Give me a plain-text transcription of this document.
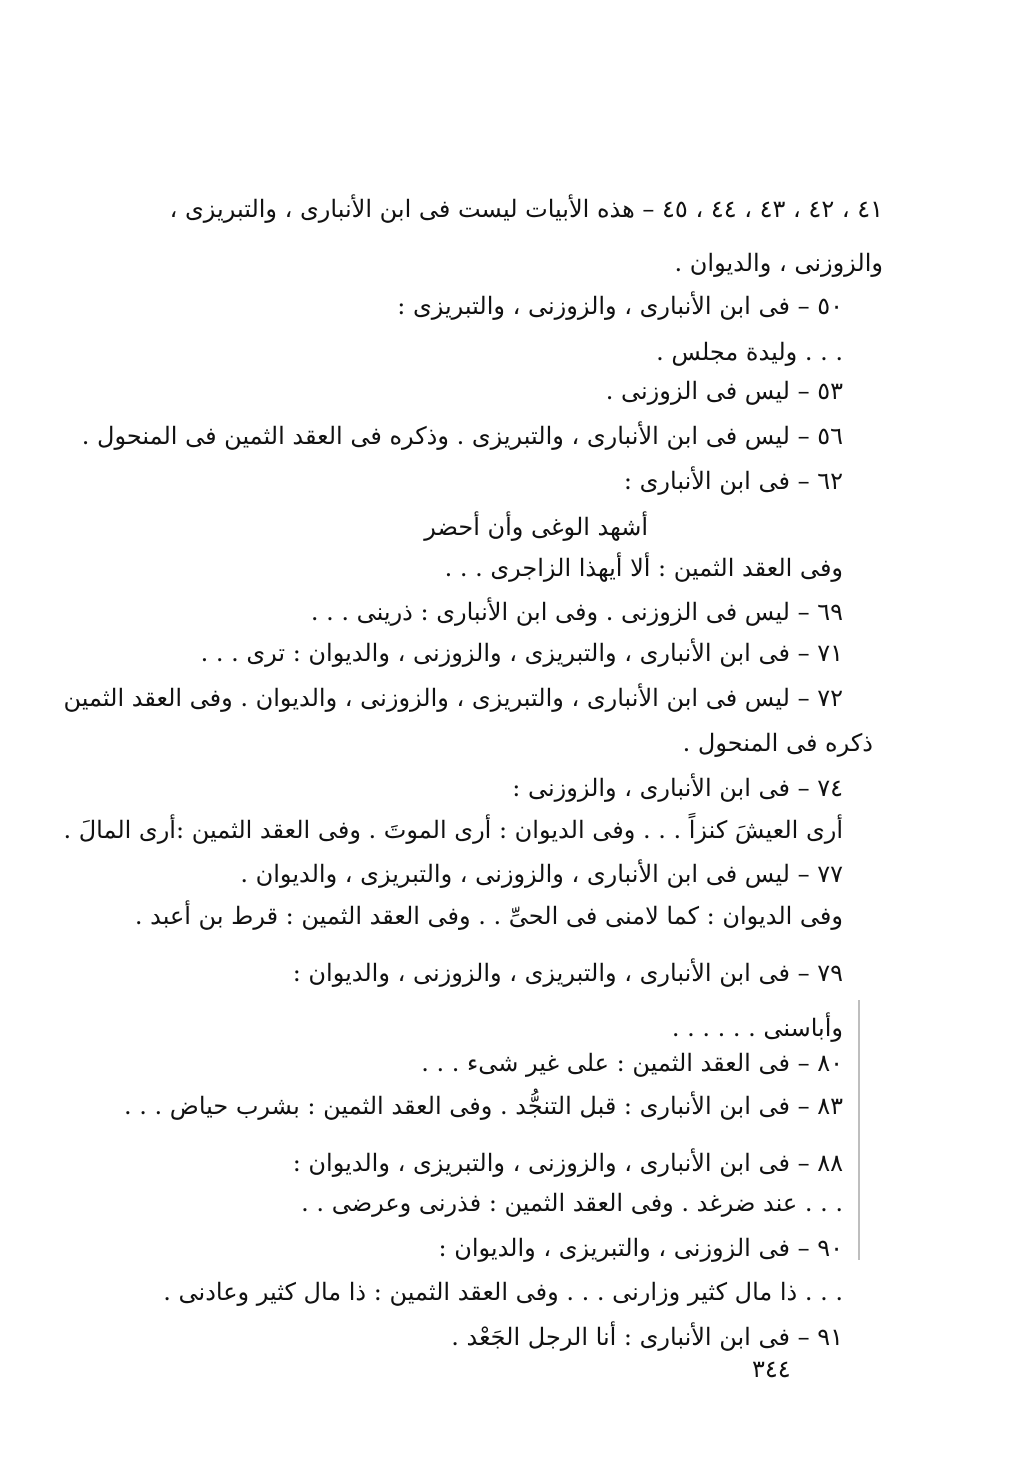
٤١ ، ٤٢ ، ٤٣ ، ٤٤ ، ٤٥ – هذه الأبيات ليست فى ابن الأنبارى ، والتبريزى ،
والزوزنى ، والديوان .
٥٠ – فى ابن الأنبارى ، والزوزنى ، والتبريزى :
. . . وليدة مجلس .
٥٣ – ليس فى الزوزنى .
٥٦ – ليس فى ابن الأنبارى ، والتبريزى . وذكره فى العقد الثمين فى المنحول .
٦٢ – فى ابن الأنبارى :
أشهد الوغى وأن أحضر
وفى العقد الثمين : ألا أيهذا الزاجرى . . .
٦٩ – ليس فى الزوزنى . وفى ابن الأنبارى : ذرينى . . .
٧١ – فى ابن الأنبارى ، والتبريزى ، والزوزنى ، والديوان : ترى . . .
٧٢ – ليس فى ابن الأنبارى ، والتبريزى ، والزوزنى ، والديوان . وفى العقد الثمين
ذكره فى المنحول .
٧٤ – فى ابن الأنبارى ، والزوزنى :
أرى العيشَ كنزاً . . . وفى الديوان : أرى الموتَ . وفى العقد الثمين :أرى المالَ .
٧٧ – ليس فى ابن الأنبارى ، والزوزنى ، والتبريزى ، والديوان .
وفى الديوان : كما لامنى فى الحىِّ . . وفى العقد الثمين : قرط بن أعبد .
٧٩ – فى ابن الأنبارى ، والتبريزى ، والزوزنى ، والديوان :
وأباسنى . . . . . .
٨٠ – فى العقد الثمين : على غير شىء . . .
٨٣ – فى ابن الأنبارى : قبل التنجُّد . وفى العقد الثمين : بشرب حياض . . .
٨٨ – فى ابن الأنبارى ، والزوزنى ، والتبريزى ، والديوان :
. . . عند ضرغد . وفى العقد الثمين : فذرنى وعرضى . .
٩٠ – فى الزوزنى ، والتبريزى ، والديوان :
. . . ذا مال كثير وزارنى . . . وفى العقد الثمين : ذا مال كثير وعادنى .
٩١ – فى ابن الأنبارى : أنا الرجل الجَعْد .
٣٤٤
